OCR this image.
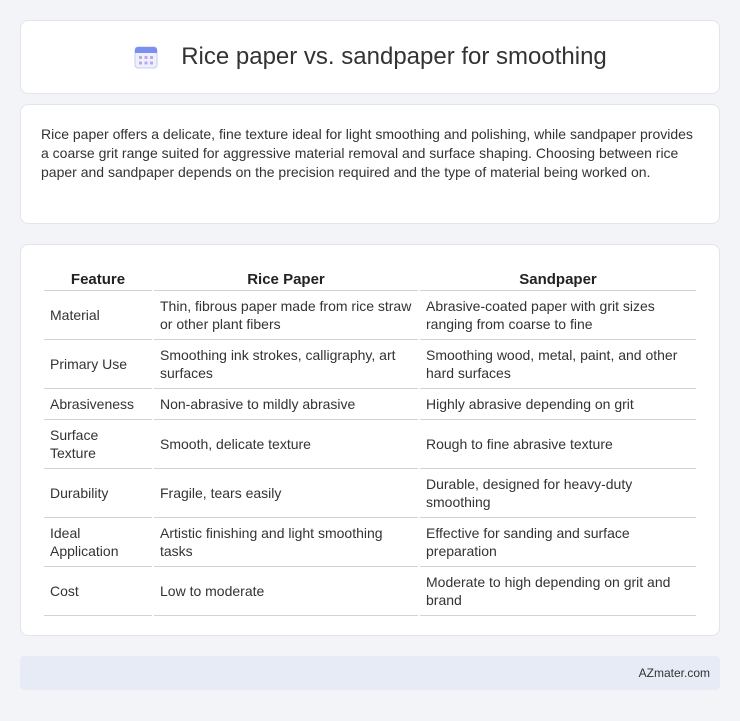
Rice paper vs. sandpaper for smoothing

Rice paper offers a delicate, fine texture ideal for light smoothing and polishing, while sandpaper provides a coarse grit range suited for aggressive material removal and surface shaping. Choosing between rice paper and sandpaper depends on the precision required and the type of material being worked on.

Feature	Rice Paper	Sandpaper
Material	Thin, fibrous paper made from rice straw or other plant fibers	Abrasive-coated paper with grit sizes ranging from coarse to fine
Primary Use	Smoothing ink strokes, calligraphy, art surfaces	Smoothing wood, metal, paint, and other hard surfaces
Abrasiveness	Non-abrasive to mildly abrasive	Highly abrasive depending on grit
Surface Texture	Smooth, delicate texture	Rough to fine abrasive texture
Durability	Fragile, tears easily	Durable, designed for heavy-duty smoothing
Ideal Application	Artistic finishing and light smoothing tasks	Effective for sanding and surface preparation
Cost	Low to moderate	Moderate to high depending on grit and brand
AZmater.com
